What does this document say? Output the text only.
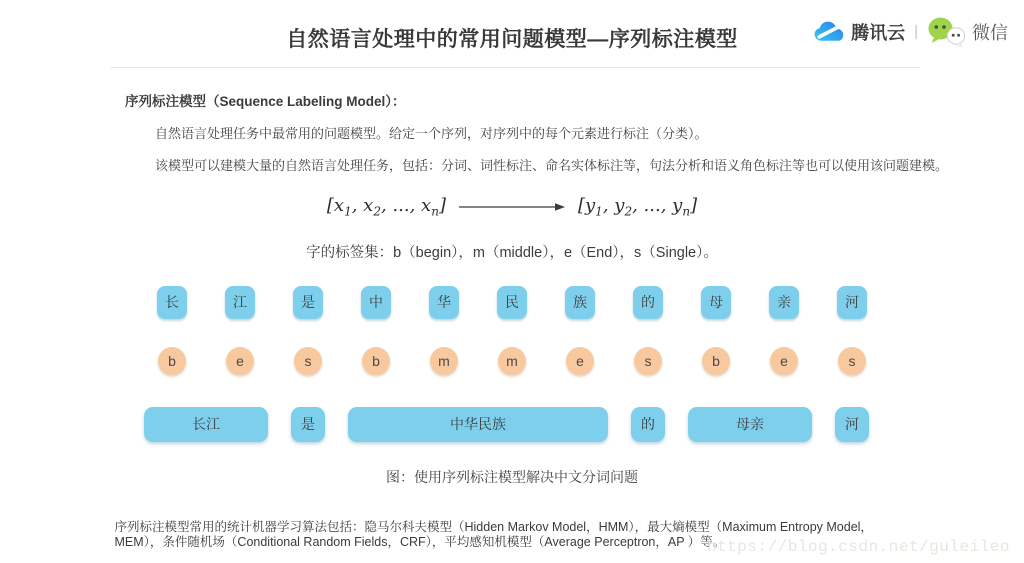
自然语言处理中的常用问题模型—序列标注模型	腾讯云 |	微信

序列标注模型（Sequence Labeling Model）：

自然语言处理任务中最常用的问题模型。给定一个序列，对序列中的每个元素进行标注（分类）。

该模型可以建模大量的自然语言处理任务，包括：分词、词性标注、命名实体标注等，句法分析和语义角色标注等也可以使用该问题建模。

[$x_1$, $x_2$, ..., $x_n$]	[$y_1$, $y_2$, ..., $y_n$]

字的标签集：b（begin），m（middle），e（End），s（Single）。

长	江	是	中	华	民	族	的	母	亲	河
b	e	s	b	m	m	e	s	b	e	s
长江	是	中华民族	的	母亲	河

图：使用序列标注模型解决中文分词问题

序列标注模型常用的统计机器学习算法包括：隐马尔科夫模型（Hidden Markov Model，HMM），最大熵模型（Maximum Entropy Model，MEM），条件随机场（Conditional Random Fields，CRF），平均感知机模型（Average Perceptron，AP ）等。

https://blog.csdn.net/guleileo
